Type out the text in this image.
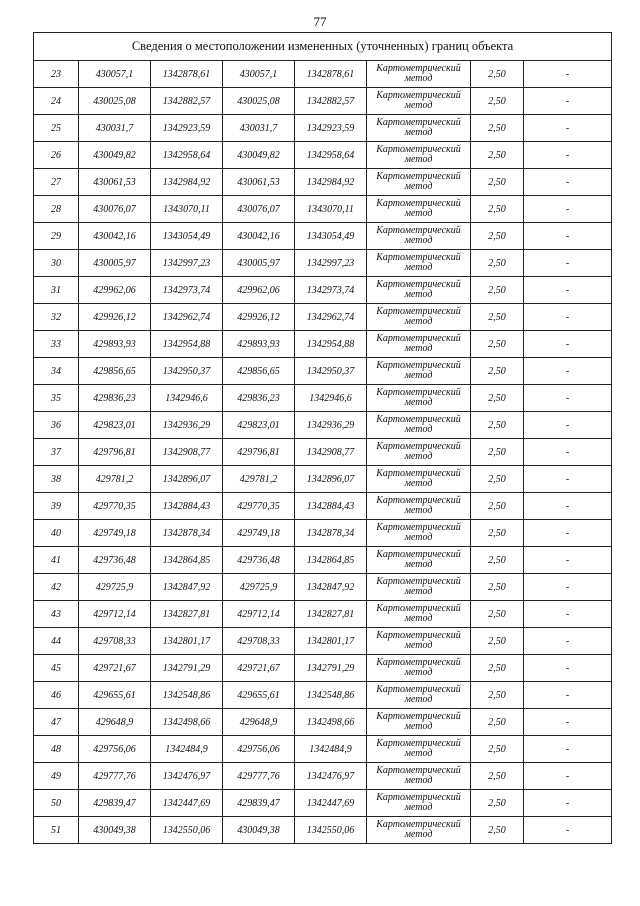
77
Сведения о местоположении измененных (уточненных) границ объекта							
23	430057,1	1342878,61	430057,1	1342878,61	Картометрический метод	2,50	-
24	430025,08	1342882,57	430025,08	1342882,57	Картометрический метод	2,50	-
25	430031,7	1342923,59	430031,7	1342923,59	Картометрический метод	2,50	-
26	430049,82	1342958,64	430049,82	1342958,64	Картометрический метод	2,50	-
27	430061,53	1342984,92	430061,53	1342984,92	Картометрический метод	2,50	-
28	430076,07	1343070,11	430076,07	1343070,11	Картометрический метод	2,50	-
29	430042,16	1343054,49	430042,16	1343054,49	Картометрический метод	2,50	-
30	430005,97	1342997,23	430005,97	1342997,23	Картометрический метод	2,50	-
31	429962,06	1342973,74	429962,06	1342973,74	Картометрический метод	2,50	-
32	429926,12	1342962,74	429926,12	1342962,74	Картометрический метод	2,50	-
33	429893,93	1342954,88	429893,93	1342954,88	Картометрический метод	2,50	-
34	429856,65	1342950,37	429856,65	1342950,37	Картометрический метод	2,50	-
35	429836,23	1342946,6	429836,23	1342946,6	Картометрический метод	2,50	-
36	429823,01	1342936,29	429823,01	1342936,29	Картометрический метод	2,50	-
37	429796,81	1342908,77	429796,81	1342908,77	Картометрический метод	2,50	-
38	429781,2	1342896,07	429781,2	1342896,07	Картометрический метод	2,50	-
39	429770,35	1342884,43	429770,35	1342884,43	Картометрический метод	2,50	-
40	429749,18	1342878,34	429749,18	1342878,34	Картометрический метод	2,50	-
41	429736,48	1342864,85	429736,48	1342864,85	Картометрический метод	2,50	-
42	429725,9	1342847,92	429725,9	1342847,92	Картометрический метод	2,50	-
43	429712,14	1342827,81	429712,14	1342827,81	Картометрический метод	2,50	-
44	429708,33	1342801,17	429708,33	1342801,17	Картометрический метод	2,50	-
45	429721,67	1342791,29	429721,67	1342791,29	Картометрический метод	2,50	-
46	429655,61	1342548,86	429655,61	1342548,86	Картометрический метод	2,50	-
47	429648,9	1342498,66	429648,9	1342498,66	Картометрический метод	2,50	-
48	429756,06	1342484,9	429756,06	1342484,9	Картометрический метод	2,50	-
49	429777,76	1342476,97	429777,76	1342476,97	Картометрический метод	2,50	-
50	429839,47	1342447,69	429839,47	1342447,69	Картометрический метод	2,50	-
51	430049,38	1342550,06	430049,38	1342550,06	Картометрический метод	2,50	-
